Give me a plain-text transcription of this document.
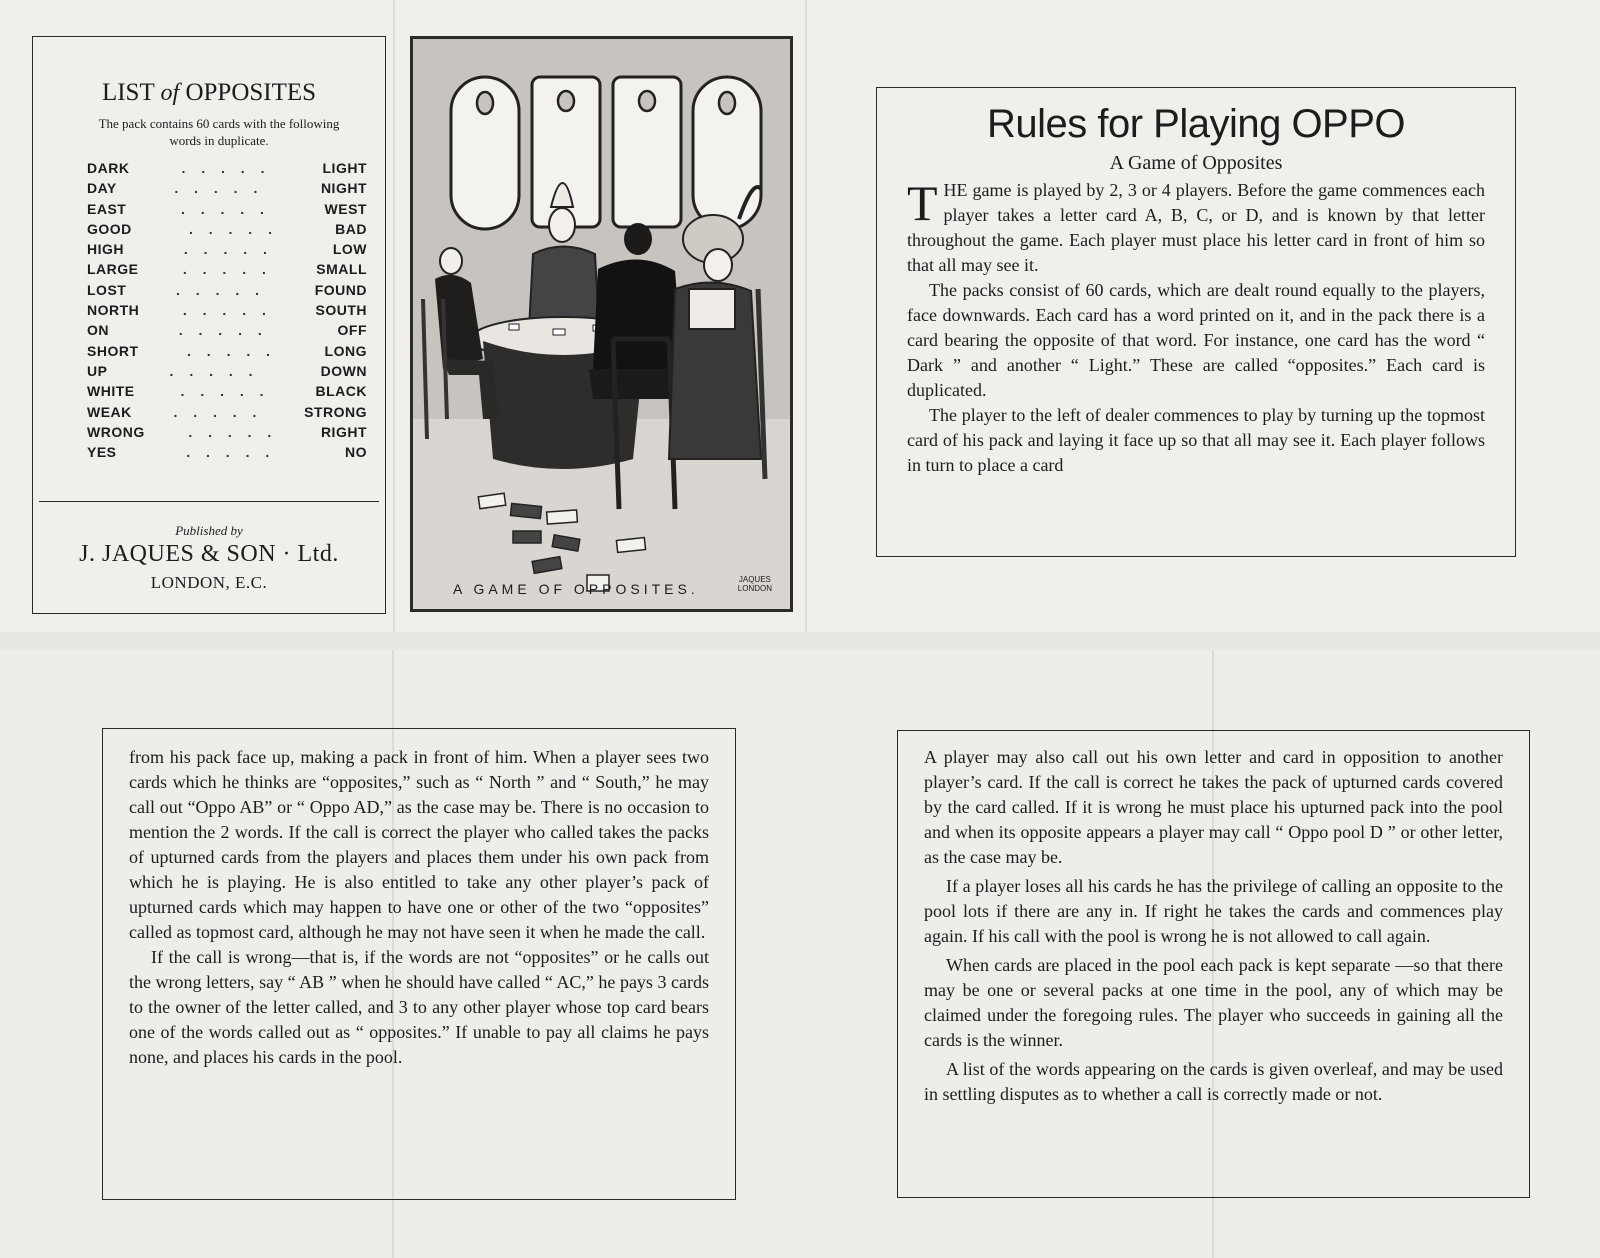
LIST of OPPOSITES
The pack contains 60 cards with the following words in duplicate.
DARK	. . . . .	LIGHT
DAY	. . . . .	NIGHT
EAST	. . . . .	WEST
GOOD	. . . . .	BAD
HIGH	. . . . .	LOW
LARGE	. . . . .	SMALL
LOST	. . . . .	FOUND
NORTH	. . . . .	SOUTH
ON	. . . . .	OFF
SHORT	. . . . .	LONG
UP	. . . . .	DOWN
WHITE	. . . . .	BLACK
WEAK	. . . . .	STRONG
WRONG	. . . . .	RIGHT
YES	. . . . .	NO
Published by
J. JAQUES & SON · Ltd.
LONDON, E.C.	A GAME OF OPPOSITES.
JAQUES
LONDON
Rules for Playing OPPO
A Game of Opposites

THE game is played by 2, 3 or 4 players. Before the game commences each player takes a letter card A, B, C, or D, and is known by that letter throughout the game. Each player must place his letter card in front of him so that all may see it.

The packs consist of 60 cards, which are dealt round equally to the players, face downwards. Each card has a word printed on it, and in the pack there is a card bearing the opposite of that word. For instance, one card has the word “ Dark ” and another “ Light.” These are called “opposites.” Each card is duplicated.

The player to the left of dealer commences to play by turning up the topmost card of his pack and laying it face up so that all may see it. Each player follows in turn to place a card

from his pack face up, making a pack in front of him. When a player sees two cards which he thinks are “opposites,” such as “ North ” and “ South,” he may call out “Oppo AB” or “ Oppo AD,” as the case may be. There is no occasion to mention the 2 words. If the call is correct the player who called takes the packs of upturned cards from the players and places them under his own pack from which he is playing. He is also entitled to take any other player’s pack of upturned cards which may happen to have one or other of the two “opposites” called as topmost card, although he may not have seen it when he made the call.

If the call is wrong—that is, if the words are not “opposites” or he calls out the wrong letters, say “ AB ” when he should have called “ AC,” he pays 3 cards to the owner of the letter called, and 3 to any other player whose top card bears one of the words called out as “ opposites.” If unable to pay all claims he pays none, and places his cards in the pool.

A player may also call out his own letter and card in opposition to another player’s card. If the call is correct he takes the pack of upturned cards covered by the card called. If it is wrong he must place his upturned pack into the pool and when its opposite appears a player may call “ Oppo pool D ” or other letter, as the case may be.

If a player loses all his cards he has the privilege of calling an opposite to the pool lots if there are any in. If right he takes the cards and commences play again. If his call with the pool is wrong he is not allowed to call again.

When cards are placed in the pool each pack is kept separate —so that there may be one or several packs at one time in the pool, any of which may be claimed under the foregoing rules. The player who succeeds in gaining all the cards is the winner.

A list of the words appearing on the cards is given overleaf, and may be used in settling disputes as to whether a call is correctly made or not.
